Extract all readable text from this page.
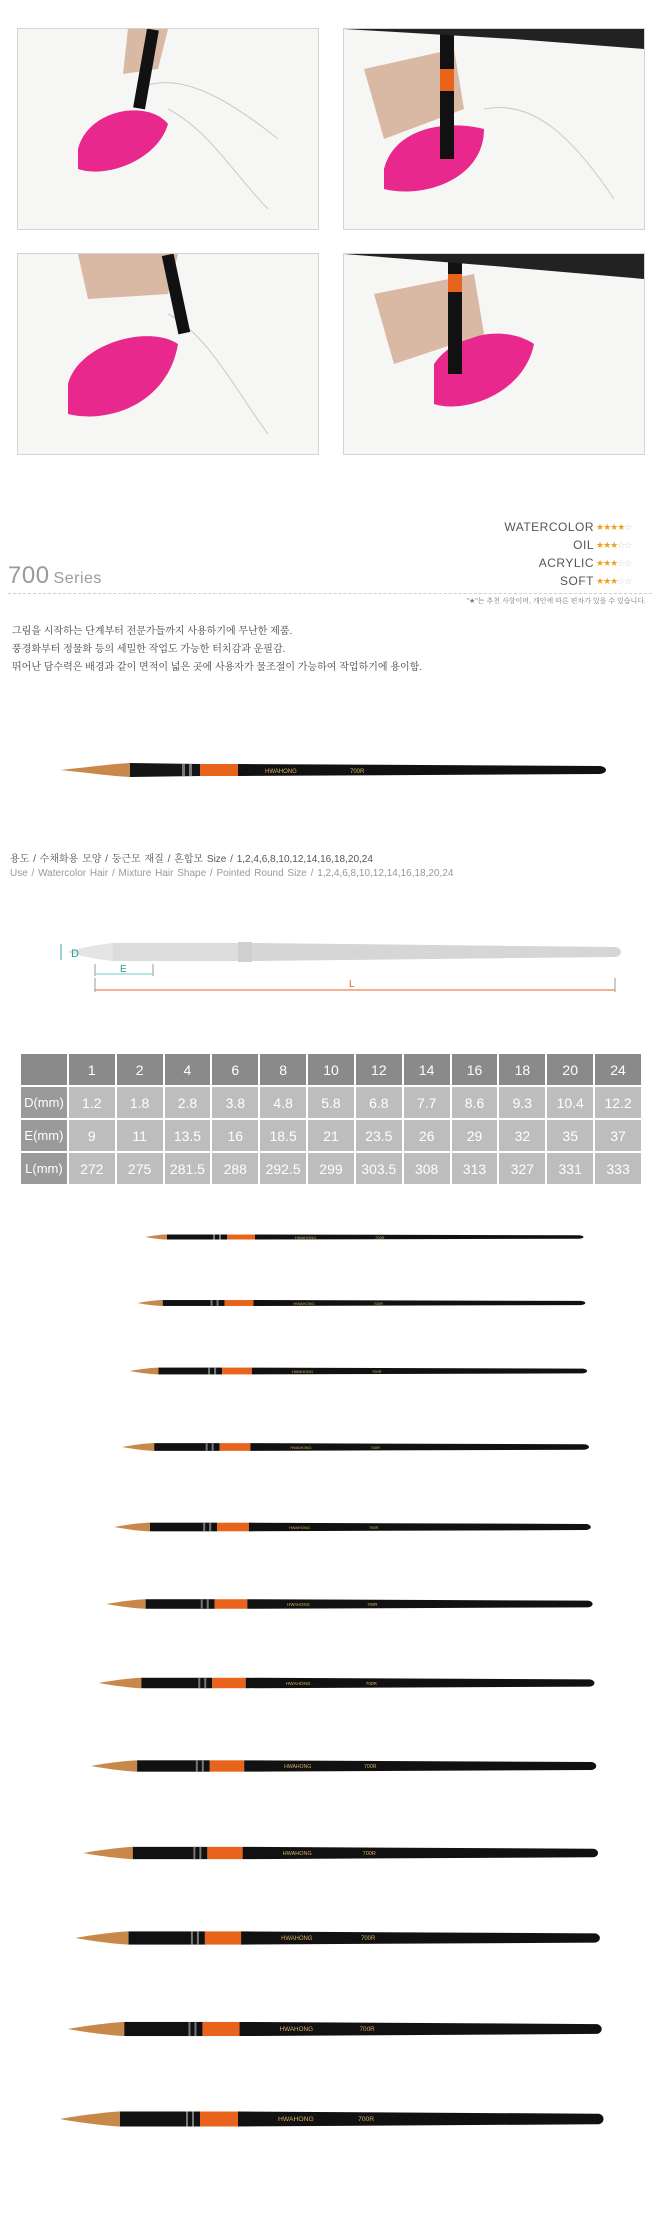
WATERCOLOR ★★★★☆
OIL ★★★☆☆
ACRYLIC ★★★☆☆
SOFT ★★★☆☆
700 Series
"★"는 추천 사항이며, 개인에 따른 편차가 있을 수 있습니다.
그림을 시작하는 단계부터 전문가들까지 사용하기에 무난한 제품.
풍경화부터 정물화 등의 세밀한 작업도 가능한 터치감과 운필감.
뛰어난 담수력은 배경과 같이 면적이 넓은 곳에 사용자가 물조절이 가능하여 작업하기에 용이함.
HWAHONG	700R
용도 / 수채화용 모양 / 둥근모 재질 / 혼합모 Size / 1,2,4,6,8,10,12,14,16,18,20,24
Use / Watercolor Hair / Mixture Hair Shape / Pointed Round Size / 1,2,4,6,8,10,12,14,16,18,20,24
D
E
L
	1	2	4	6	8	10	12	14	16	18	20	24
D(mm)	1.2	1.8	2.8	3.8	4.8	5.8	6.8	7.7	8.6	9.3	10.4	12.2
E(mm)	9	11	13.5	16	18.5	21	23.5	26	29	32	35	37
L(mm)	272	275	281.5	288	292.5	299	303.5	308	313	327	331	333
HWAHONG	700R
HWAHONG	700R
HWAHONG	700R
HWAHONG	700R
HWAHONG	700R
HWAHONG	700R
HWAHONG	700R
HWAHONG	700R
HWAHONG	700R
HWAHONG	700R
HWAHONG	700R
HWAHONG	700R
